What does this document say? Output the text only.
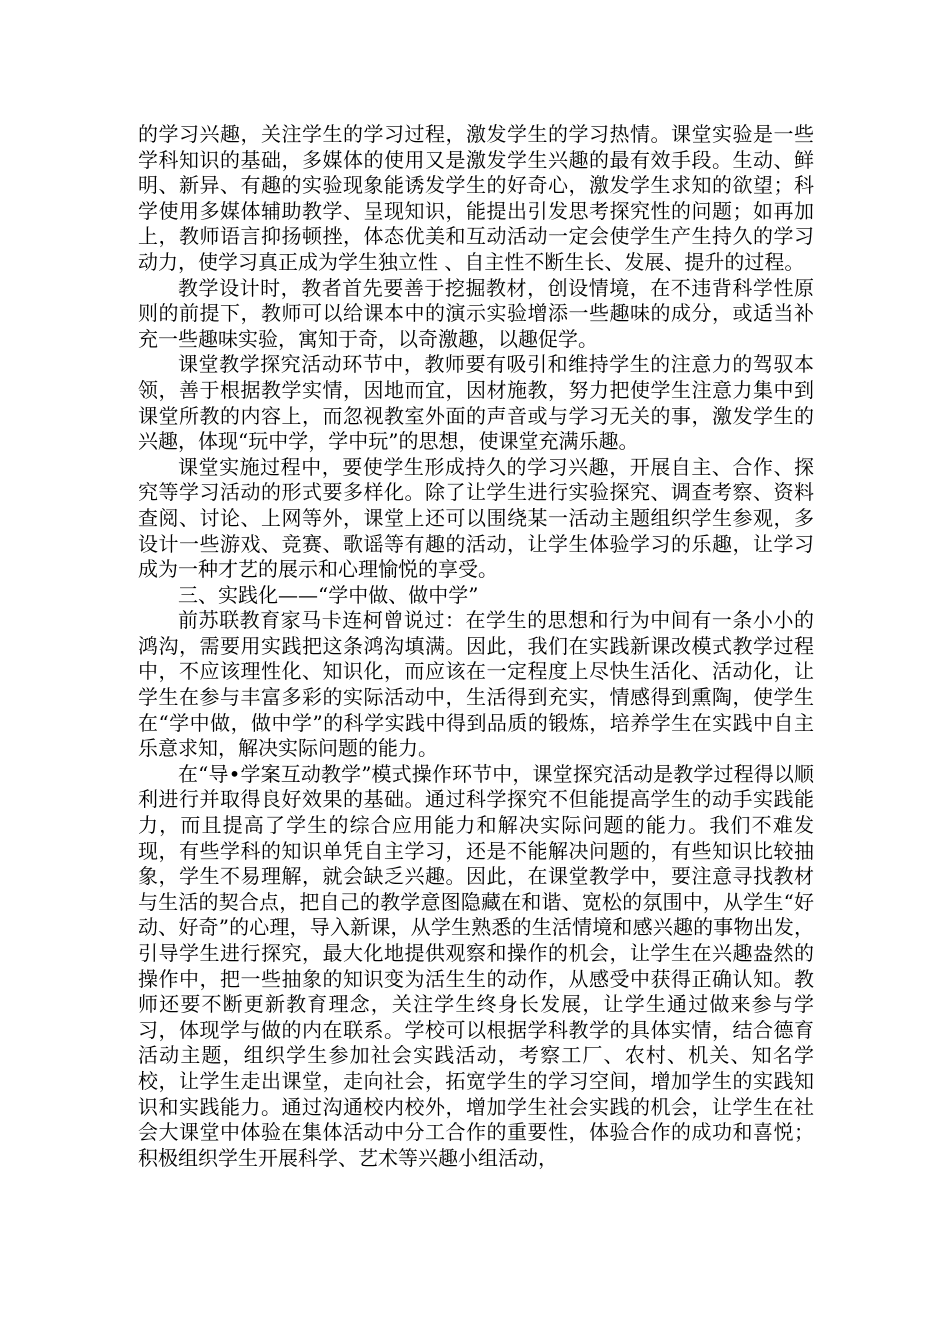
的学习兴趣，关注学生的学习过程，激发学生的学习热情。课堂实验是一些学科知识的基础，多媒体的使用又是激发学生兴趣的最有效手段。生动、鲜明、新异、有趣的实验现象能诱发学生的好奇心，激发学生求知的欲望；科学使用多媒体辅助教学、呈现知识，能提出引发思考探究性的问题；如再加上，教师语言抑扬顿挫，体态优美和互动活动一定会使学生产生持久的学习动力，使学习真正成为学生独立性 、自主性不断生长、发展、提升的过程。

教学设计时，教者首先要善于挖掘教材，创设情境，在不违背科学性原则的前提下，教师可以给课本中的演示实验增添一些趣味的成分，或适当补充一些趣味实验，寓知于奇，以奇激趣，以趣促学。

课堂教学探究活动环节中，教师要有吸引和维持学生的注意力的驾驭本领，善于根据教学实情，因地而宜，因材施教，努力把使学生注意力集中到课堂所教的内容上，而忽视教室外面的声音或与学习无关的事，激发学生的兴趣，体现“玩中学，学中玩”的思想，使课堂充满乐趣。

课堂实施过程中，要使学生形成持久的学习兴趣，开展自主、合作、探究等学习活动的形式要多样化。除了让学生进行实验探究、调查考察、资料查阅、讨论、上网等外，课堂上还可以围绕某一活动主题组织学生参观，多设计一些游戏、竞赛、歌谣等有趣的活动，让学生体验学习的乐趣，让学习成为一种才艺的展示和心理愉悦的享受。

三、实践化——“学中做、做中学”

前苏联教育家马卡连柯曾说过：在学生的思想和行为中间有一条小小的鸿沟，需要用实践把这条鸿沟填满。因此，我们在实践新课改模式教学过程中，不应该理性化、知识化，而应该在一定程度上尽快生活化、活动化，让学生在参与丰富多彩的实际活动中，生活得到充实，情感得到熏陶，使学生在“学中做，做中学”的科学实践中得到品质的锻炼，培养学生在实践中自主乐意求知，解决实际问题的能力。

在“导•学案互动教学”模式操作环节中，课堂探究活动是教学过程得以顺利进行并取得良好效果的基础。通过科学探究不但能提高学生的动手实践能力，而且提高了学生的综合应用能力和解决实际问题的能力。我们不难发现，有些学科的知识单凭自主学习，还是不能解决问题的，有些知识比较抽象，学生不易理解，就会缺乏兴趣。因此，在课堂教学中，要注意寻找教材与生活的契合点，把自己的教学意图隐藏在和谐、宽松的氛围中，从学生“好动、好奇”的心理，导入新课，从学生熟悉的生活情境和感兴趣的事物出发，引导学生进行探究，最大化地提供观察和操作的机会，让学生在兴趣盎然的操作中，把一些抽象的知识变为活生生的动作，从感受中获得正确认知。教师还要不断更新教育理念，关注学生终身长发展，让学生通过做来参与学习，体现学与做的内在联系。学校可以根据学科教学的具体实情，结合德育活动主题，组织学生参加社会实践活动，考察工厂、农村、机关、知名学校，让学生走出课堂，走向社会，拓宽学生的学习空间，增加学生的实践知识和实践能力。通过沟通校内校外，增加学生社会实践的机会，让学生在社会大课堂中体验在集体活动中分工合作的重要性，体验合作的成功和喜悦；积极组织学生开展科学、艺术等兴趣小组活动，
